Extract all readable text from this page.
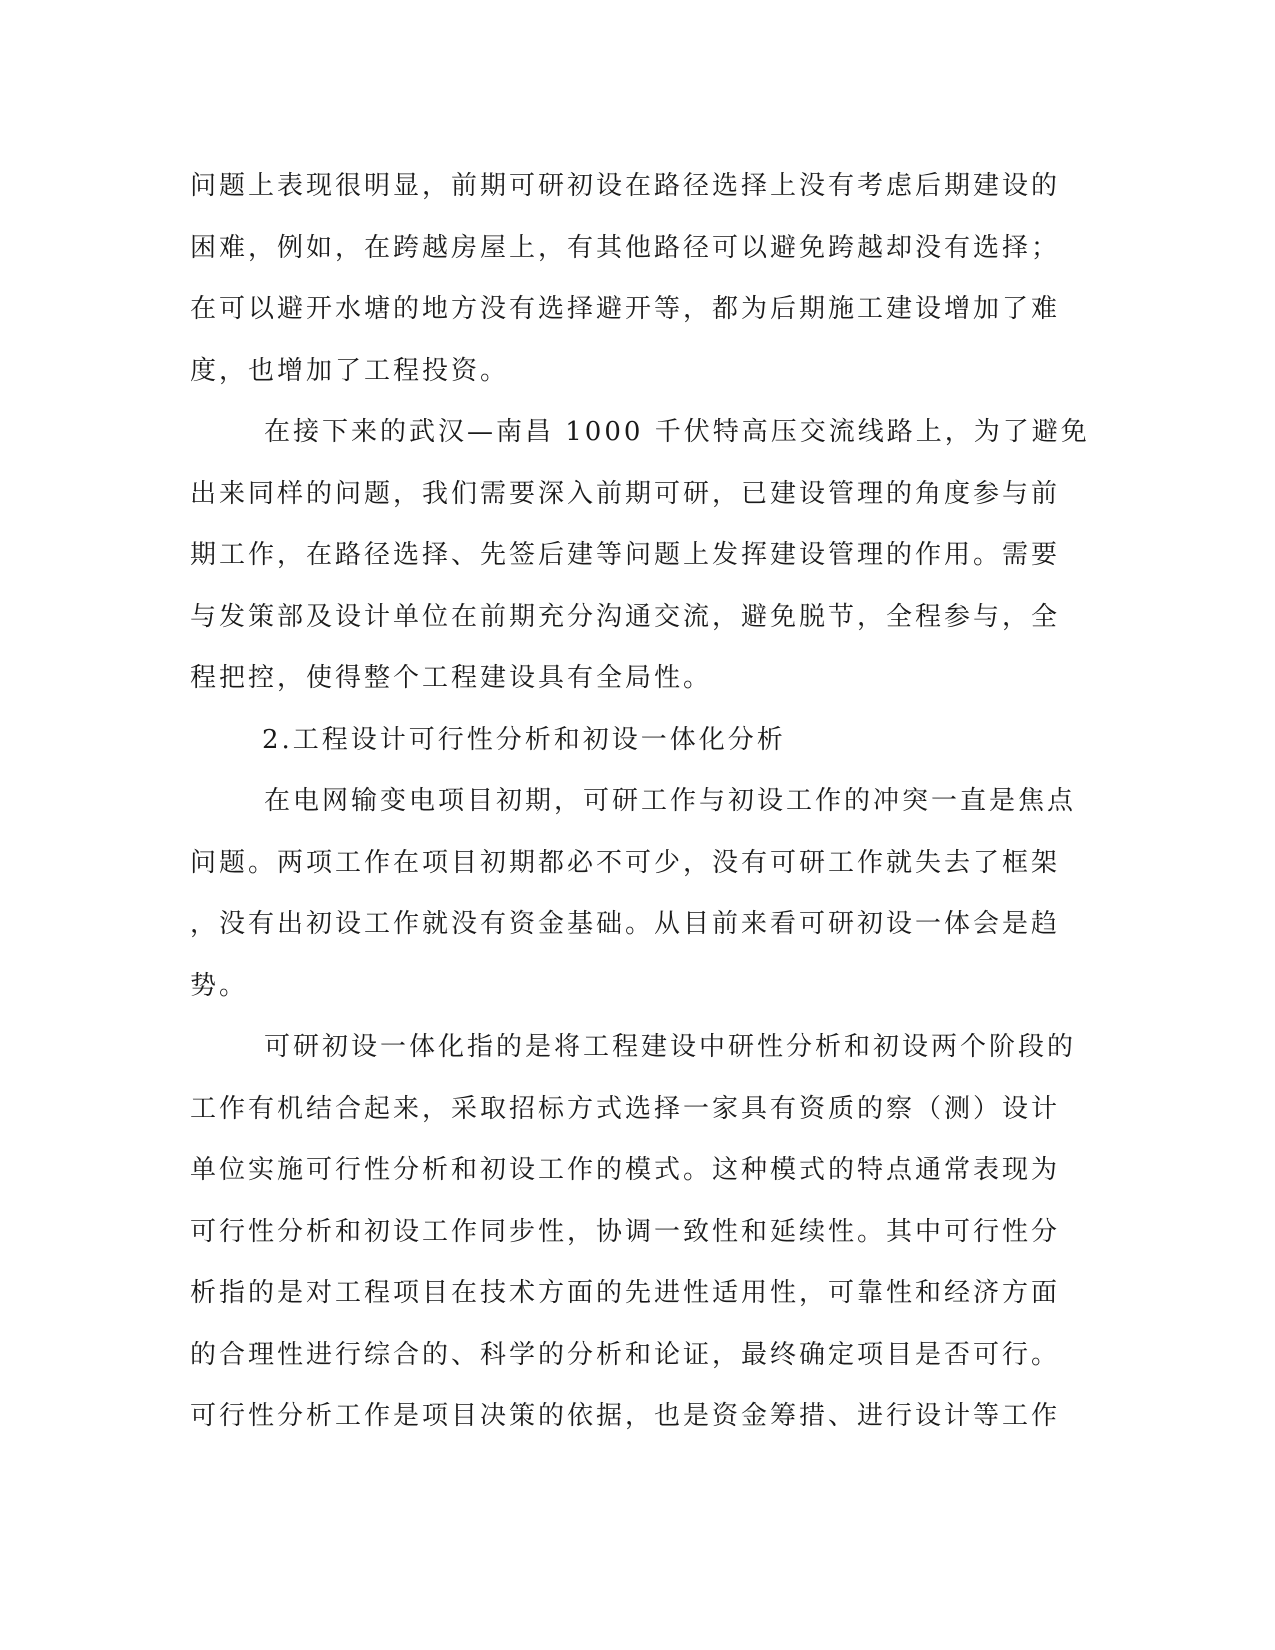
问题上表现很明显，前期可研初设在路径选择上没有考虑后期建设的
困难，例如，在跨越房屋上，有其他路径可以避免跨越却没有选择；
在可以避开水塘的地方没有选择避开等，都为后期施工建设增加了难
度，也增加了工程投资。
在接下来的武汉—南昌 1000 千伏特高压交流线路上，为了避免
出来同样的问题，我们需要深入前期可研，已建设管理的角度参与前
期工作，在路径选择、先签后建等问题上发挥建设管理的作用。需要
与发策部及设计单位在前期充分沟通交流，避免脱节，全程参与，全
程把控，使得整个工程建设具有全局性。
2.工程设计可行性分析和初设一体化分析
在电网输变电项目初期，可研工作与初设工作的冲突一直是焦点
问题。两项工作在项目初期都必不可少，没有可研工作就失去了框架
，没有出初设工作就没有资金基础。从目前来看可研初设一体会是趋
势。
可研初设一体化指的是将工程建设中研性分析和初设两个阶段的
工作有机结合起来，采取招标方式选择一家具有资质的察（测）设计
单位实施可行性分析和初设工作的模式。这种模式的特点通常表现为
可行性分析和初设工作同步性，协调一致性和延续性。其中可行性分
析指的是对工程项目在技术方面的先进性适用性，可靠性和经济方面
的合理性进行综合的、科学的分析和论证，最终确定项目是否可行。
可行性分析工作是项目决策的依据，也是资金筹措、进行设计等工作
